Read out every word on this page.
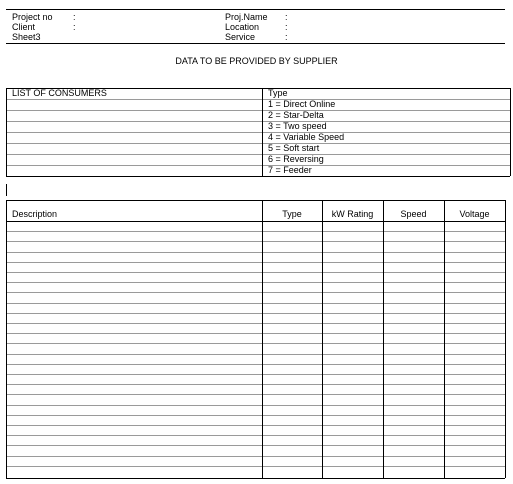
Project no :
Client	:
Sheet3
Proj.Name :
Location	:
Service	:
DATA TO BE PROVIDED BY SUPPLIER
LIST OF CONSUMERS	Type
1 = Direct Online
2 = Star-Delta
3 = Two speed
4 = Variable Speed
5 = Soft start
6 = Reversing
7 = Feeder
Description	Type	kW Rating	Speed	Voltage
